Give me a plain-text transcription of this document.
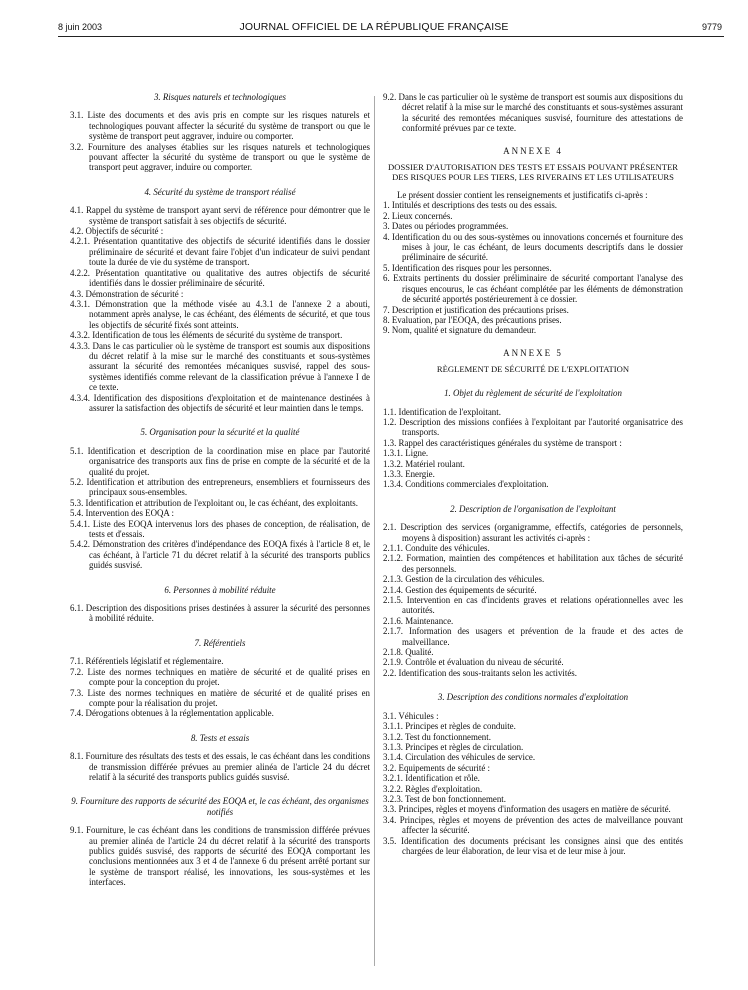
8 juin 2003	JOURNAL OFFICIEL DE LA RÉPUBLIQUE FRANÇAISE	9779

3. Risques naturels et technologiques

3.1. Liste des documents et des avis pris en compte sur les risques naturels et technologiques pouvant affecter la sécurité du système de transport ou que le système de transport peut aggraver, induire ou comporter.

3.2. Fourniture des analyses établies sur les risques naturels et technologiques pouvant affecter la sécurité du système de transport ou que le système de transport peut aggraver, induire ou comporter.

4. Sécurité du système de transport réalisé

4.1. Rappel du système de transport ayant servi de référence pour démontrer que le système de transport satisfait à ses objectifs de sécurité.

4.2. Objectifs de sécurité :

4.2.1. Présentation quantitative des objectifs de sécurité identifiés dans le dossier préliminaire de sécurité et devant faire l'objet d'un indicateur de suivi pendant toute la durée de vie du système de transport.

4.2.2. Présentation quantitative ou qualitative des autres objectifs de sécurité identifiés dans le dossier préliminaire de sécurité.

4.3. Démonstration de sécurité :

4.3.1. Démonstration que la méthode visée au 4.3.1 de l'annexe 2 a abouti, notamment après analyse, le cas échéant, des éléments de sécurité, et que tous les objectifs de sécurité fixés sont atteints.

4.3.2. Identification de tous les éléments de sécurité du système de transport.

4.3.3. Dans le cas particulier où le système de transport est soumis aux dispositions du décret relatif à la mise sur le marché des constituants et sous-systèmes assurant la sécurité des remontées mécaniques susvisé, rappel des sous-systèmes identifiés comme relevant de la classification prévue à l'annexe I de ce texte.

4.3.4. Identification des dispositions d'exploitation et de maintenance destinées à assurer la satisfaction des objectifs de sécurité et leur maintien dans le temps.

5. Organisation pour la sécurité et la qualité

5.1. Identification et description de la coordination mise en place par l'autorité organisatrice des transports aux fins de prise en compte de la sécurité et de la qualité du projet.

5.2. Identification et attribution des entrepreneurs, ensembliers et fournisseurs des principaux sous-ensembles.

5.3. Identification et attribution de l'exploitant ou, le cas échéant, des exploitants.

5.4. Intervention des EOQA :

5.4.1. Liste des EOQA intervenus lors des phases de conception, de réalisation, de tests et d'essais.

5.4.2. Démonstration des critères d'indépendance des EOQA fixés à l'article 8 et, le cas échéant, à l'article 71 du décret relatif à la sécurité des transports publics guidés susvisé.

6. Personnes à mobilité réduite

6.1. Description des dispositions prises destinées à assurer la sécurité des personnes à mobilité réduite.

7. Référentiels

7.1. Référentiels législatif et réglementaire.

7.2. Liste des normes techniques en matière de sécurité et de qualité prises en compte pour la conception du projet.

7.3. Liste des normes techniques en matière de sécurité et de qualité prises en compte pour la réalisation du projet.

7.4. Dérogations obtenues à la réglementation applicable.

8. Tests et essais

8.1. Fourniture des résultats des tests et des essais, le cas échéant dans les conditions de transmission différée prévues au premier alinéa de l'article 24 du décret relatif à la sécurité des transports publics guidés susvisé.

9. Fourniture des rapports de sécurité des EOQA et, le cas échéant, des organismes notifiés

9.1. Fourniture, le cas échéant dans les conditions de transmission différée prévues au premier alinéa de l'article 24 du décret relatif à la sécurité des transports publics guidés susvisé, des rapports de sécurité des EOQA comportant les conclusions mentionnées aux 3 et 4 de l'annexe 6 du présent arrêté portant sur le système de transport réalisé, les innovations, les sous-systèmes et les interfaces.

9.2. Dans le cas particulier où le système de transport est soumis aux dispositions du décret relatif à la mise sur le marché des constituants et sous-systèmes assurant la sécurité des remontées mécaniques susvisé, fourniture des attestations de conformité prévues par ce texte.

ANNEXE 4

DOSSIER D'AUTORISATION DES TESTS ET ESSAIS POUVANT PRÉSENTER DES RISQUES POUR LES TIERS, LES RIVERAINS ET LES UTILISATEURS

Le présent dossier contient les renseignements et justificatifs ci-après :

1. Intitulés et descriptions des tests ou des essais.

2. Lieux concernés.

3. Dates ou périodes programmées.

4. Identification du ou des sous-systèmes ou innovations concernés et fourniture des mises à jour, le cas échéant, de leurs documents descriptifs dans le dossier préliminaire de sécurité.

5. Identification des risques pour les personnes.

6. Extraits pertinents du dossier préliminaire de sécurité comportant l'analyse des risques encourus, le cas échéant complétée par les éléments de démonstration de sécurité apportés postérieurement à ce dossier.

7. Description et justification des précautions prises.

8. Evaluation, par l'EOQA, des précautions prises.

9. Nom, qualité et signature du demandeur.

ANNEXE 5

RÈGLEMENT DE SÉCURITÉ DE L'EXPLOITATION

1. Objet du règlement de sécurité de l'exploitation

1.1. Identification de l'exploitant.

1.2. Description des missions confiées à l'exploitant par l'autorité organisatrice des transports.

1.3. Rappel des caractéristiques générales du système de transport :

1.3.1. Ligne.

1.3.2. Matériel roulant.

1.3.3. Energie.

1.3.4. Conditions commerciales d'exploitation.

2. Description de l'organisation de l'exploitant

2.1. Description des services (organigramme, effectifs, catégories de personnels, moyens à disposition) assurant les activités ci-après :

2.1.1. Conduite des véhicules.

2.1.2. Formation, maintien des compétences et habilitation aux tâches de sécurité des personnels.

2.1.3. Gestion de la circulation des véhicules.

2.1.4. Gestion des équipements de sécurité.

2.1.5. Intervention en cas d'incidents graves et relations opérationnelles avec les autorités.

2.1.6. Maintenance.

2.1.7. Information des usagers et prévention de la fraude et des actes de malveillance.

2.1.8. Qualité.

2.1.9. Contrôle et évaluation du niveau de sécurité.

2.2. Identification des sous-traitants selon les activités.

3. Description des conditions normales d'exploitation

3.1. Véhicules :

3.1.1. Principes et règles de conduite.

3.1.2. Test du fonctionnement.

3.1.3. Principes et règles de circulation.

3.1.4. Circulation des véhicules de service.

3.2. Equipements de sécurité :

3.2.1. Identification et rôle.

3.2.2. Règles d'exploitation.

3.2.3. Test de bon fonctionnement.

3.3. Principes, règles et moyens d'information des usagers en matière de sécurité.

3.4. Principes, règles et moyens de prévention des actes de malveillance pouvant affecter la sécurité.

3.5. Identification des documents précisant les consignes ainsi que des entités chargées de leur élaboration, de leur visa et de leur mise à jour.
